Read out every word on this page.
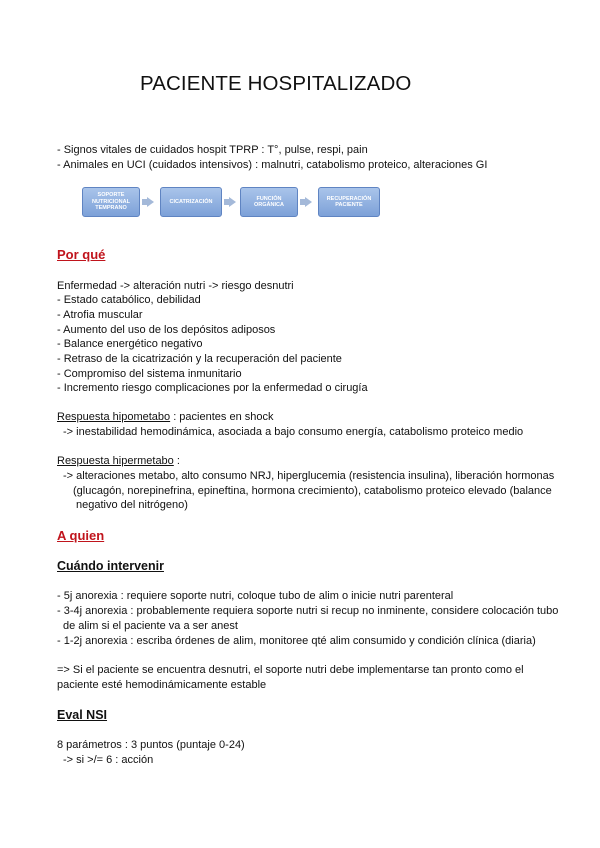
PACIENTE HOSPITALIZADO
- Signos vitales de cuidados hospit TPRP : T°, pulse, respi, pain
- Animales en UCI (cuidados intensivos) : malnutri, catabolismo proteico, alteraciones GI
SOPORTE NUTRICIONAL TEMPRANO
CICATRIZACIÓN
FUNCIÓN ORGÁNICA
RECUPERACIÓN PACIENTE
Por qué
Enfermedad -> alteración nutri -> riesgo desnutri
- Estado catabólico, debilidad
- Atrofia muscular
- Aumento del uso de los depósitos adiposos
- Balance energético negativo
- Retraso de la cicatrización y la recuperación del paciente
- Compromiso del sistema inmunitario
- Incremento riesgo complicaciones por la enfermedad o cirugía
Respuesta hipometabo : pacientes en shock
-> inestabilidad hemodinámica, asociada a bajo consumo energía, catabolismo proteico medio
Respuesta hipermetabo :
-> alteraciones metabo, alto consumo NRJ, hiperglucemia (resistencia insulina), liberación hormonas
(glucagón, norepinefrina, epineftina, hormona crecimiento), catabolismo proteico elevado (balance
negativo del nitrógeno)
A quien
Cuándo intervenir
- 5j anorexia : requiere soporte nutri, coloque tubo de alim o inicie nutri parenteral
- 3-4j anorexia : probablemente requiera soporte nutri si recup no inminente, considere colocación tubo
de alim si el paciente va a ser anest
- 1-2j anorexia : escriba órdenes de alim, monitoree qté alim consumido y condición clínica (diaria)
=> Si el paciente se encuentra desnutri, el soporte nutri debe implementarse tan pronto como el
paciente esté hemodinámicamente estable
Eval NSI
8 parámetros : 3 puntos (puntaje 0-24)
-> si >/= 6 : acción
